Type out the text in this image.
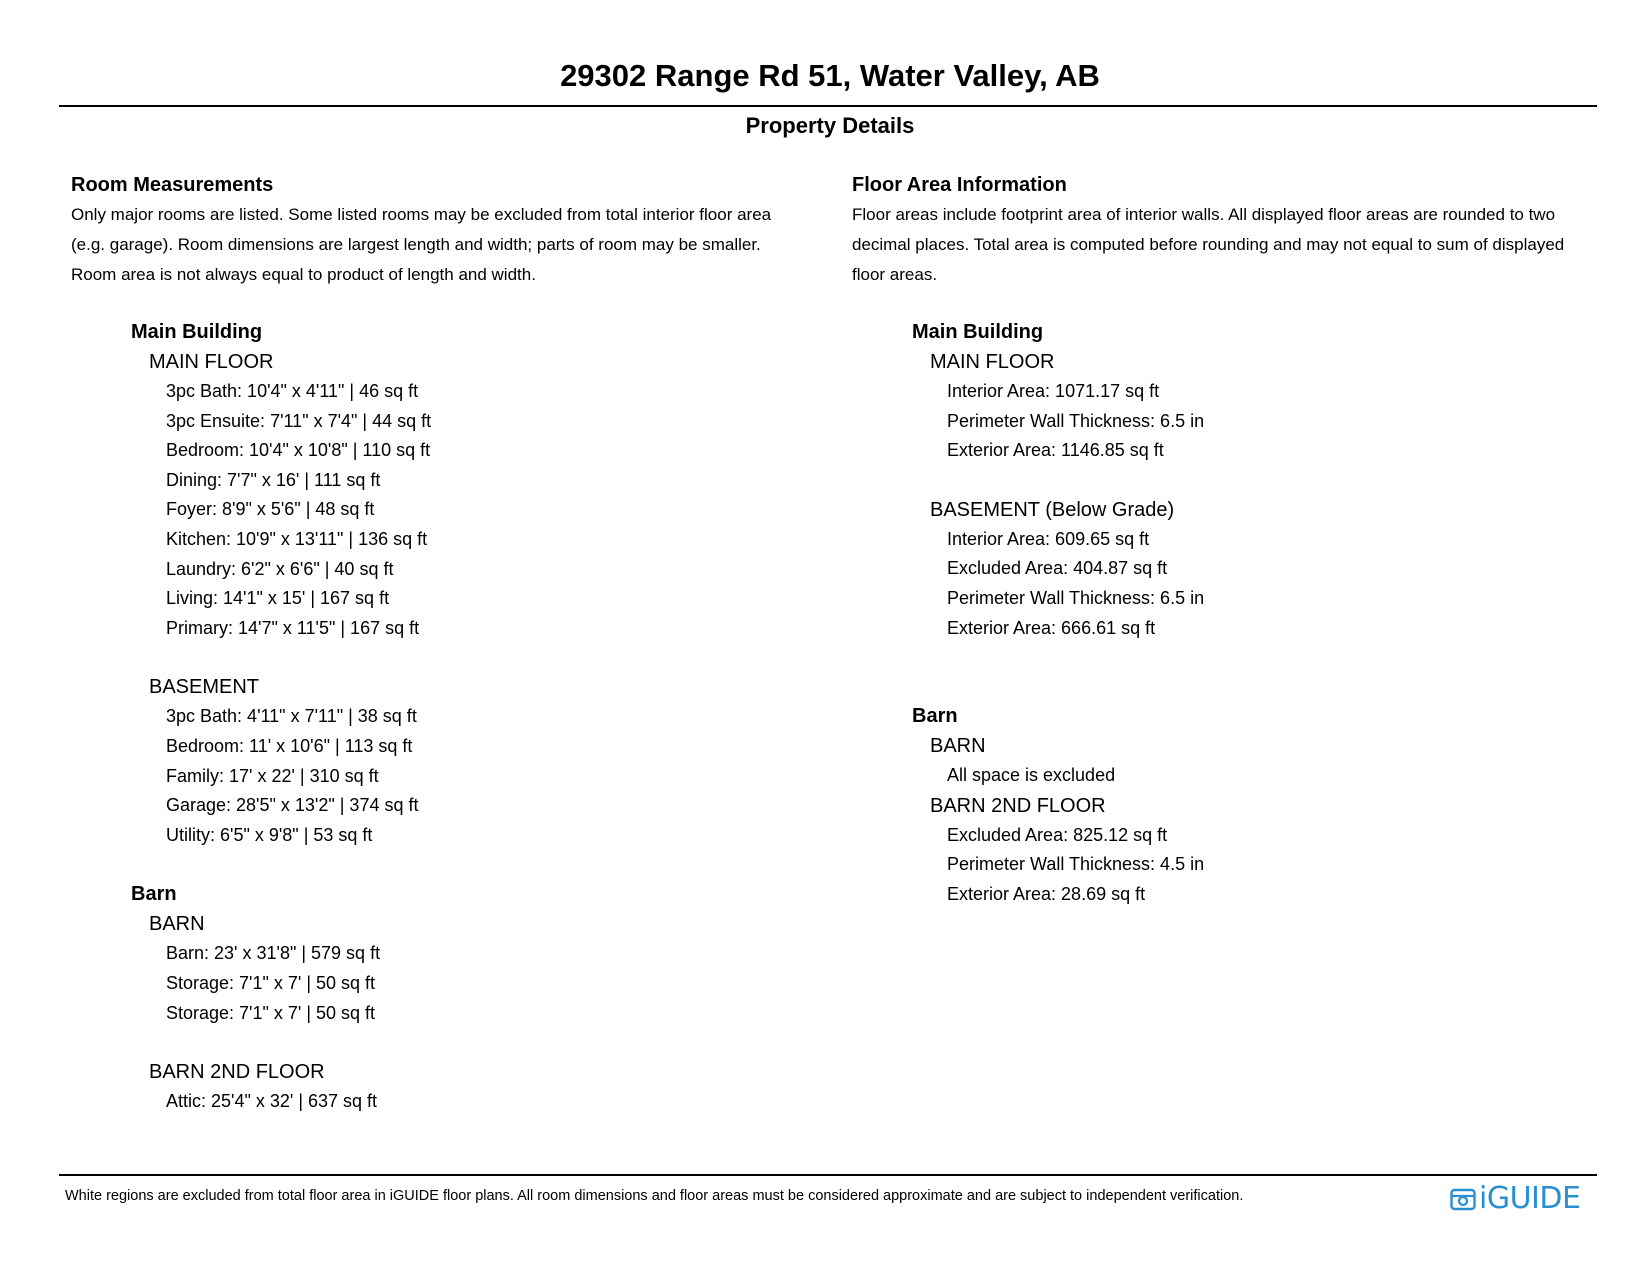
29302 Range Rd 51, Water Valley, AB
Property Details
Room Measurements
Only major rooms are listed. Some listed rooms may be excluded from total interior floor area
(e.g. garage). Room dimensions are largest length and width; parts of room may be smaller.
Room area is not always equal to product of length and width.
Main Building
MAIN FLOOR
3pc Bath: 10'4" x 4'11" | 46 sq ft
3pc Ensuite: 7'11" x 7'4" | 44 sq ft
Bedroom: 10'4" x 10'8" | 110 sq ft
Dining: 7'7" x 16' | 111 sq ft
Foyer: 8'9" x 5'6" | 48 sq ft
Kitchen: 10'9" x 13'11" | 136 sq ft
Laundry: 6'2" x 6'6" | 40 sq ft
Living: 14'1" x 15' | 167 sq ft
Primary: 14'7" x 11'5" | 167 sq ft
BASEMENT
3pc Bath: 4'11" x 7'11" | 38 sq ft
Bedroom: 11' x 10'6" | 113 sq ft
Family: 17' x 22' | 310 sq ft
Garage: 28'5" x 13'2" | 374 sq ft
Utility: 6'5" x 9'8" | 53 sq ft
Barn
BARN
Barn: 23' x 31'8" | 579 sq ft
Storage: 7'1" x 7' | 50 sq ft
Storage: 7'1" x 7' | 50 sq ft
BARN 2ND FLOOR
Attic: 25'4" x 32' | 637 sq ft
Floor Area Information
Floor areas include footprint area of interior walls. All displayed floor areas are rounded to two
decimal places. Total area is computed before rounding and may not equal to sum of displayed
floor areas.
Main Building
MAIN FLOOR
Interior Area: 1071.17 sq ft
Perimeter Wall Thickness: 6.5 in
Exterior Area: 1146.85 sq ft
BASEMENT (Below Grade)
Interior Area: 609.65 sq ft
Excluded Area: 404.87 sq ft
Perimeter Wall Thickness: 6.5 in
Exterior Area: 666.61 sq ft
Barn
BARN
All space is excluded
BARN 2ND FLOOR
Excluded Area: 825.12 sq ft
Perimeter Wall Thickness: 4.5 in
Exterior Area: 28.69 sq ft
White regions are excluded from total floor area in iGUIDE floor plans. All room dimensions and floor areas must be considered approximate and are subject to independent verification.	iGUIDE
